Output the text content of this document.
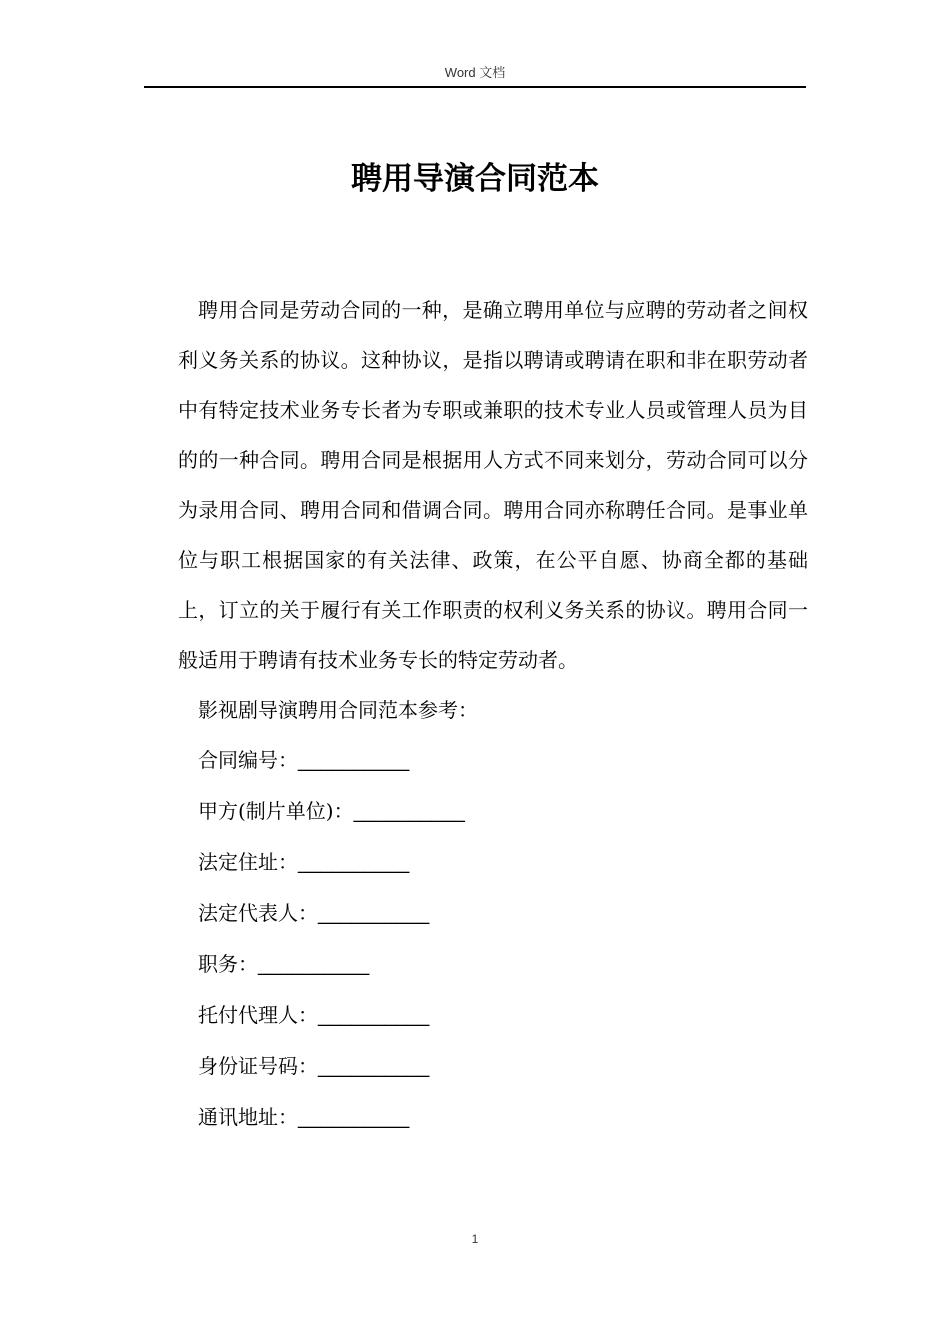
Word 文档
聘用导演合同范本

聘用合同是劳动合同的一种，是确立聘用单位与应聘的劳动者之间权利义务关系的协议。这种协议，是指以聘请或聘请在职和非在职劳动者中有特定技术业务专长者为专职或兼职的技术专业人员或管理人员为目的的一种合同。聘用合同是根据用人方式不同来划分，劳动合同可以分为录用合同、聘用合同和借调合同。聘用合同亦称聘任合同。是事业单位与职工根据国家的有关法律、政策，在公平自愿、协商全都的基础上，订立的关于履行有关工作职责的权利义务关系的协议。聘用合同一般适用于聘请有技术业务专长的特定劳动者。

影视剧导演聘用合同范本参考：

合同编号：__________
甲方(制片单位)：__________
法定住址：__________
法定代表人：__________
职务：__________
托付代理人：__________
身份证号码：__________
通讯地址：__________
1
